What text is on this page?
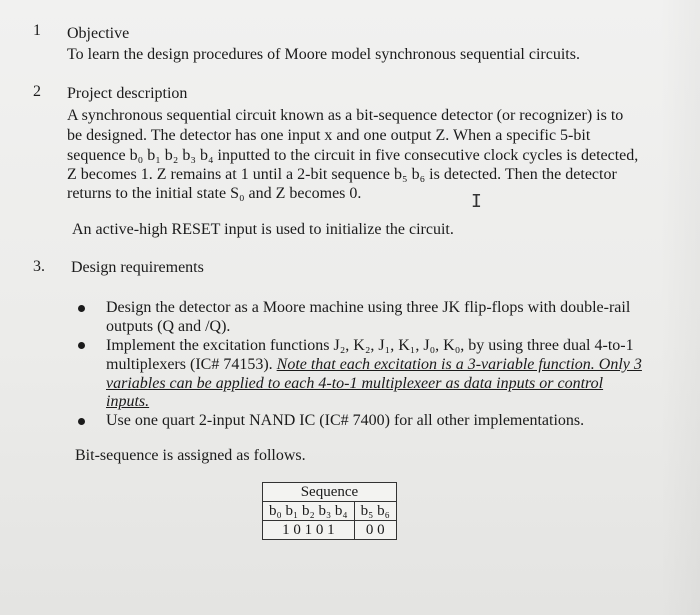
1 Objective
To learn the design procedures of Moore model synchronous sequential circuits.
2 Project description
A synchronous sequential circuit known as a bit-sequence detector (or recognizer) is to
be designed. The detector has one input x and one output Z. When a specific 5-bit
sequence b₀ b₁ b₂ b₃ b₄ inputted to the circuit in five consecutive clock cycles is detected,
Z becomes 1. Z remains at 1 until a 2-bit sequence b₅ b₆ is detected. Then the detector
returns to the initial state S₀ and Z becomes 0.	I
An active-high RESET input is used to initialize the circuit.
3. Design requirements
Design the detector as a Moore machine using three JK flip-flops with double-rail
outputs (Q and /Q).
Implement the excitation functions J₂, K₂, J₁, K₁, J₀, K₀, by using three dual 4-to-1
multiplexers (IC# 74153). Note that each excitation is a 3-variable function. Only 3
variables can be applied to each 4-to-1 multiplexeer as data inputs or control
inputs.
Use one quart 2-input NAND IC (IC# 7400) for all other implementations.
Bit-sequence is assigned as follows.
Sequence	
b₀ b₁ b₂ b₃ b₄	b₅ b₆
1 0 1 0 1	0 0
